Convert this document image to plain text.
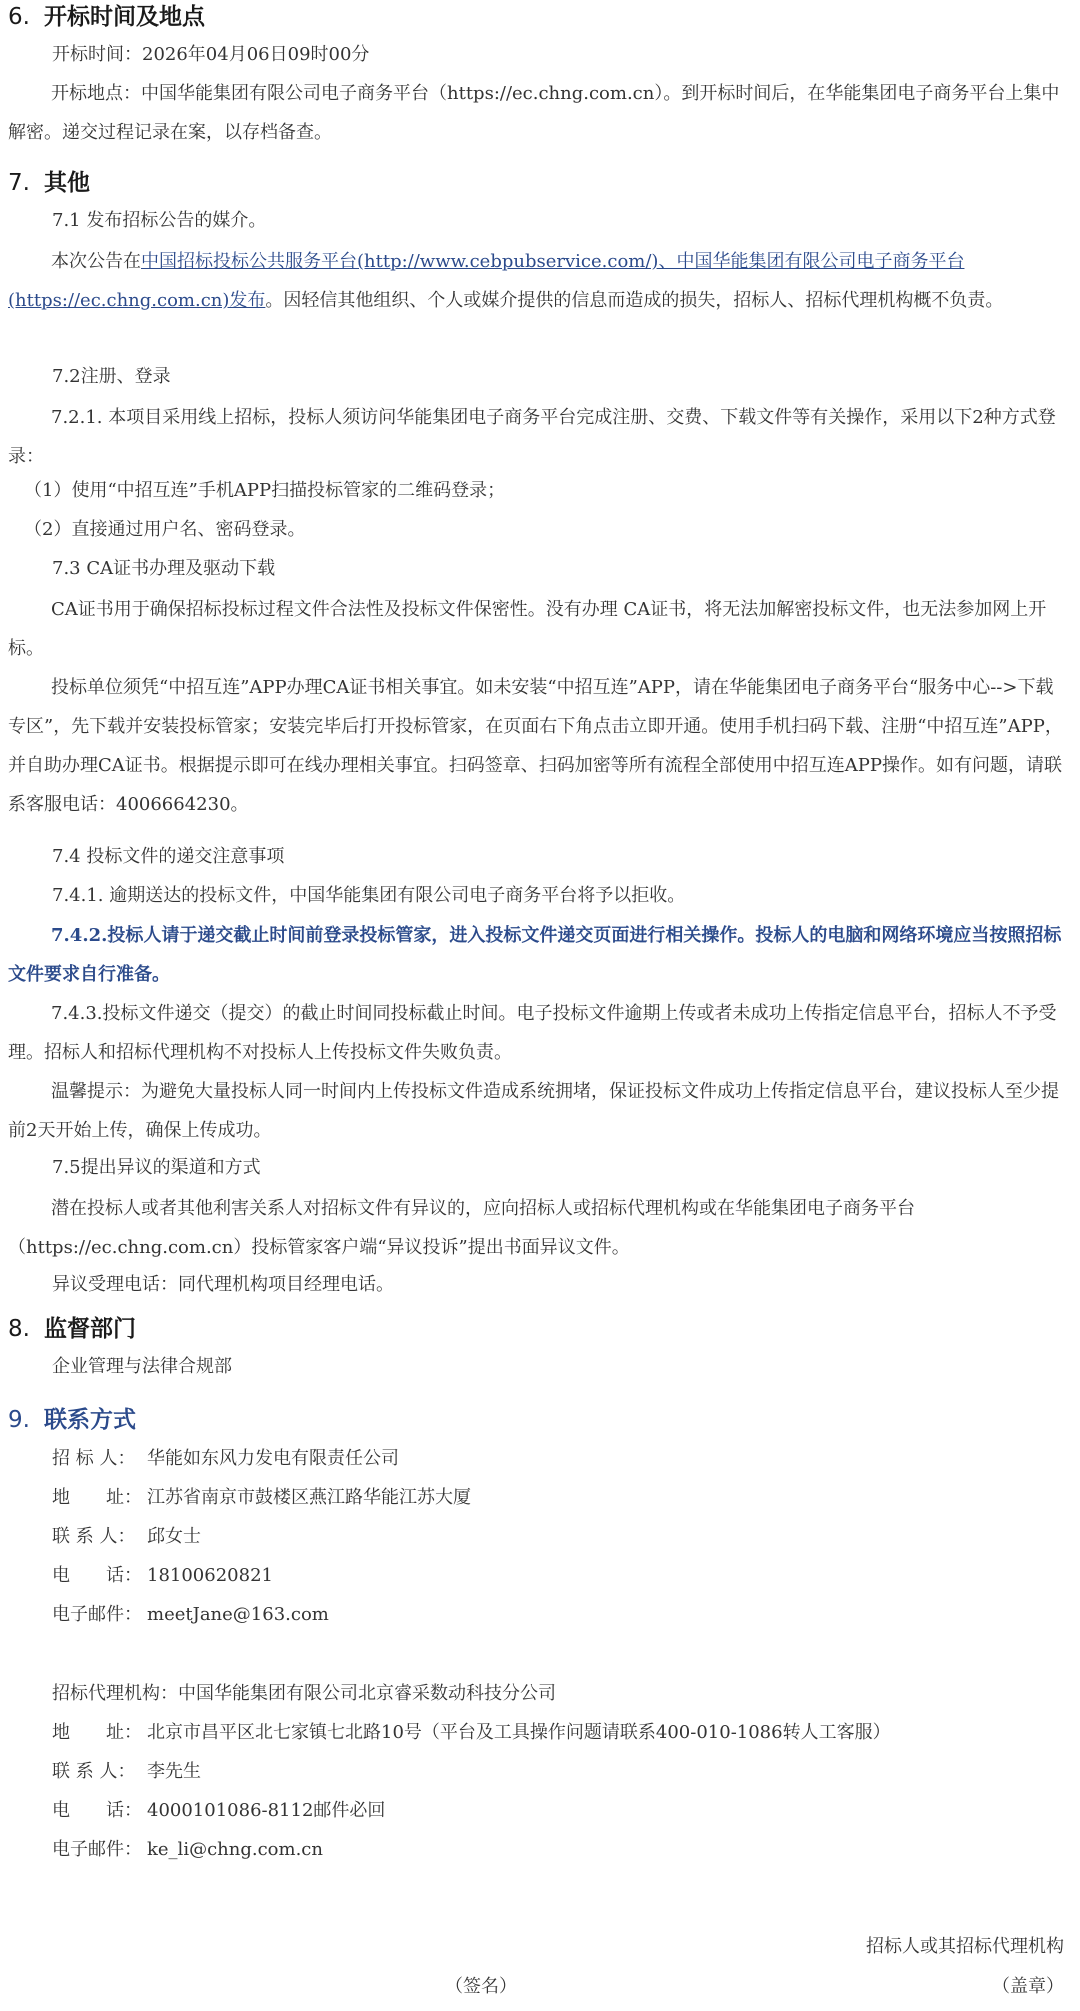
6. 开标时间及地点
开标时间：2026年04月06日09时00分
开标地点：中国华能集团有限公司电子商务平台（https://ec.chng.com.cn）。到开标时间后，在华能集团电子商务平台上集中解密。递交过程记录在案，以存档备查。
7. 其他
7.1 发布招标公告的媒介。
本次公告在中国招标投标公共服务平台(http://www.cebpubservice.com/)、中国华能集团有限公司电子商务平台(https://ec.chng.com.cn)发布。因轻信其他组织、个人或媒介提供的信息而造成的损失，招标人、招标代理机构概不负责。
7.2注册、登录
7.2.1. 本项目采用线上招标，投标人须访问华能集团电子商务平台完成注册、交费、下载文件等有关操作，采用以下2种方式登录：
（1）使用“中招互连”手机APP扫描投标管家的二维码登录；
（2）直接通过用户名、密码登录。
7.3 CA证书办理及驱动下载
CA证书用于确保招标投标过程文件合法性及投标文件保密性。没有办理 CA证书，将无法加解密投标文件，也无法参加网上开标。
投标单位须凭“中招互连”APP办理CA证书相关事宜。如未安装“中招互连”APP，请在华能集团电子商务平台“服务中心-->下载专区”，先下载并安装投标管家；安装完毕后打开投标管家，在页面右下角点击立即开通。使用手机扫码下载、注册“中招互连”APP，并自助办理CA证书。根据提示即可在线办理相关事宜。扫码签章、扫码加密等所有流程全部使用中招互连APP操作。如有问题，请联系客服电话：4006664230。
7.4 投标文件的递交注意事项
7.4.1. 逾期送达的投标文件，中国华能集团有限公司电子商务平台将予以拒收。
7.4.2.投标人请于递交截止时间前登录投标管家，进入投标文件递交页面进行相关操作。投标人的电脑和网络环境应当按照招标文件要求自行准备。
7.4.3.投标文件递交（提交）的截止时间同投标截止时间。电子投标文件逾期上传或者未成功上传指定信息平台，招标人不予受理。招标人和招标代理机构不对投标人上传投标文件失败负责。
温馨提示：为避免大量投标人同一时间内上传投标文件造成系统拥堵，保证投标文件成功上传指定信息平台，建议投标人至少提前2天开始上传，确保上传成功。
7.5提出异议的渠道和方式
潜在投标人或者其他利害关系人对招标文件有异议的，应向招标人或招标代理机构或在华能集团电子商务平台（https://ec.chng.com.cn）投标管家客户端“异议投诉”提出书面异议文件。
异议受理电话：同代理机构项目经理电话。
8. 监督部门
企业管理与法律合规部
9. 联系方式
招 标 人： 华能如东风力发电有限责任公司
地　　址： 江苏省南京市鼓楼区燕江路华能江苏大厦
联 系 人： 邱女士
电　　话： 18100620821
电子邮件： meetJane@163.com
招标代理机构：中国华能集团有限公司北京睿采数动科技分公司
地　　址： 北京市昌平区北七家镇七北路10号（平台及工具操作问题请联系400-010-1086转人工客服）
联 系 人： 李先生
电　　话： 4000101086-8112邮件必回
电子邮件： ke_li@chng.com.cn
招标人或其招标代理机构
（签名）	（盖章）
